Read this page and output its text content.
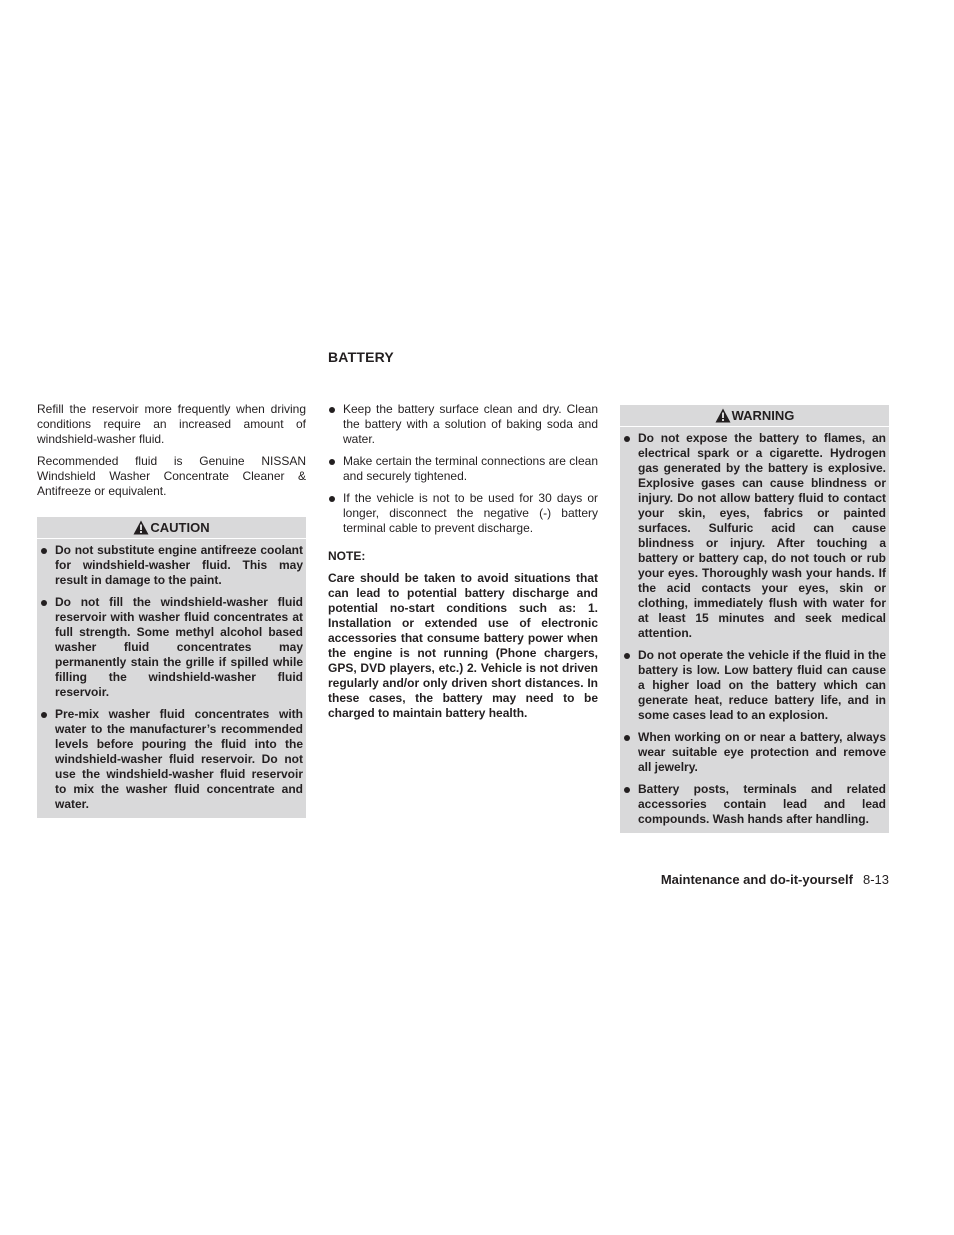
BATTERY

Refill the reservoir more frequently when driving conditions require an increased amount of windshield-washer fluid.

Recommended fluid is Genuine NISSAN Windshield Washer Concentrate Cleaner & Antifreeze or equivalent.

CAUTION
Do not substitute engine antifreeze coolant for windshield-washer fluid. This may result in damage to the paint.
Do not fill the windshield-washer fluid reservoir with washer fluid concentrates at full strength. Some methyl alcohol based washer fluid concentrates may permanently stain the grille if spilled while filling the windshield-washer fluid reservoir.
Pre-mix washer fluid concentrates with water to the manufacturer’s recommended levels before pouring the fluid into the windshield-washer fluid reservoir. Do not use the windshield-washer fluid reservoir to mix the washer fluid concentrate and water.
Keep the battery surface clean and dry. Clean the battery with a solution of baking soda and water.
Make certain the terminal connections are clean and securely tightened.
If the vehicle is not to be used for 30 days or longer, disconnect the negative (-) battery terminal cable to prevent discharge.

NOTE:

Care should be taken to avoid situations that can lead to potential battery discharge and potential no-start conditions such as: 1. Installation or extended use of electronic accessories that consume battery power when the engine is not running (Phone chargers, GPS, DVD players, etc.) 2. Vehicle is not driven regularly and/or only driven short distances. In these cases, the battery may need to be charged to maintain battery health.

WARNING
Do not expose the battery to flames, an electrical spark or a cigarette. Hydrogen gas generated by the battery is explosive. Explosive gases can cause blindness or injury. Do not allow battery fluid to contact your skin, eyes, fabrics or painted surfaces. Sulfuric acid can cause blindness or injury. After touching a battery or battery cap, do not touch or rub your eyes. Thoroughly wash your hands. If the acid contacts your eyes, skin or clothing, immediately flush with water for at least 15 minutes and seek medical attention.
Do not operate the vehicle if the fluid in the battery is low. Low battery fluid can cause a higher load on the battery which can generate heat, reduce battery life, and in some cases lead to an explosion.
When working on or near a battery, always wear suitable eye protection and remove all jewelry.
Battery posts, terminals and related accessories contain lead and lead compounds. Wash hands after handling.
Maintenance and do-it-yourself 8-13
